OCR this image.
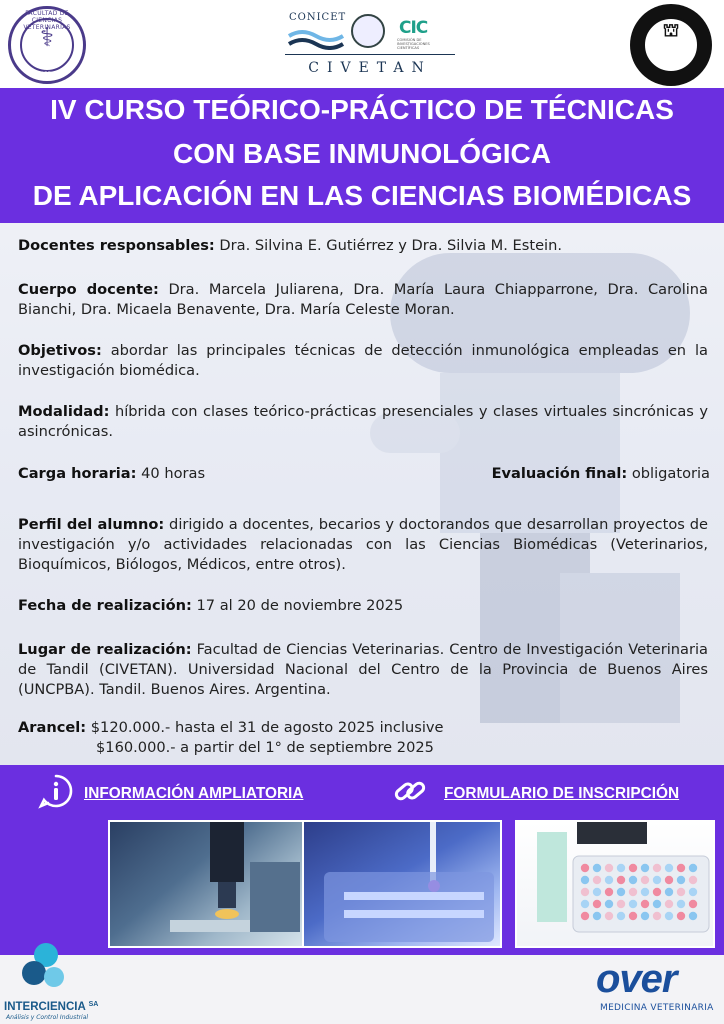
FACULTAD DE CIENCIAS VETERINARIAS
⚕
UNCPBA
CONICET
CIC
COMISIÓN DE INVESTIGACIONES CIENTÍFICAS
CIVETAN
⛫
IV CURSO TEÓRICO-PRÁCTICO DE TÉCNICAS
CON BASE INMUNOLÓGICA
DE APLICACIÓN EN LAS CIENCIAS BIOMÉDICAS

Docentes responsables: Dra. Silvina E. Gutiérrez y Dra. Silvia M. Estein.

Cuerpo docente: Dra. Marcela Juliarena, Dra. María Laura Chiapparrone, Dra. Carolina Bianchi, Dra. Micaela Benavente, Dra. María Celeste Moran.

Objetivos: abordar las principales técnicas de detección inmunológica empleadas en la investigación biomédica.

Modalidad: híbrida con clases teórico-prácticas presenciales y clases virtuales sincrónicas y asincrónicas.

Carga horaria: 40 horas	Evaluación final: obligatoria

Perfil del alumno: dirigido a docentes, becarios y doctorandos que desarrollan proyectos de investigación y/o actividades relacionadas con las Ciencias Biomédicas (Veterinarios, Bioquímicos, Biólogos, Médicos, entre otros).

Fecha de realización: 17 al 20 de noviembre 2025

Lugar de realización: Facultad de Ciencias Veterinarias. Centro de Investigación Veterinaria de Tandil (CIVETAN). Universidad Nacional del Centro de la Provincia de Buenos Aires (UNCPBA). Tandil. Buenos Aires. Argentina.

Arancel: $120.000.- hasta el 31 de agosto 2025 inclusive

$160.000.- a partir del 1° de septiembre 2025

INFORMACIÓN AMPLIATORIA	FORMULARIO DE INSCRIPCIÓN
INTERCIENCIA $^{SA}$
Análisis y Control Industrial
over
MEDICINA VETERINARIA
